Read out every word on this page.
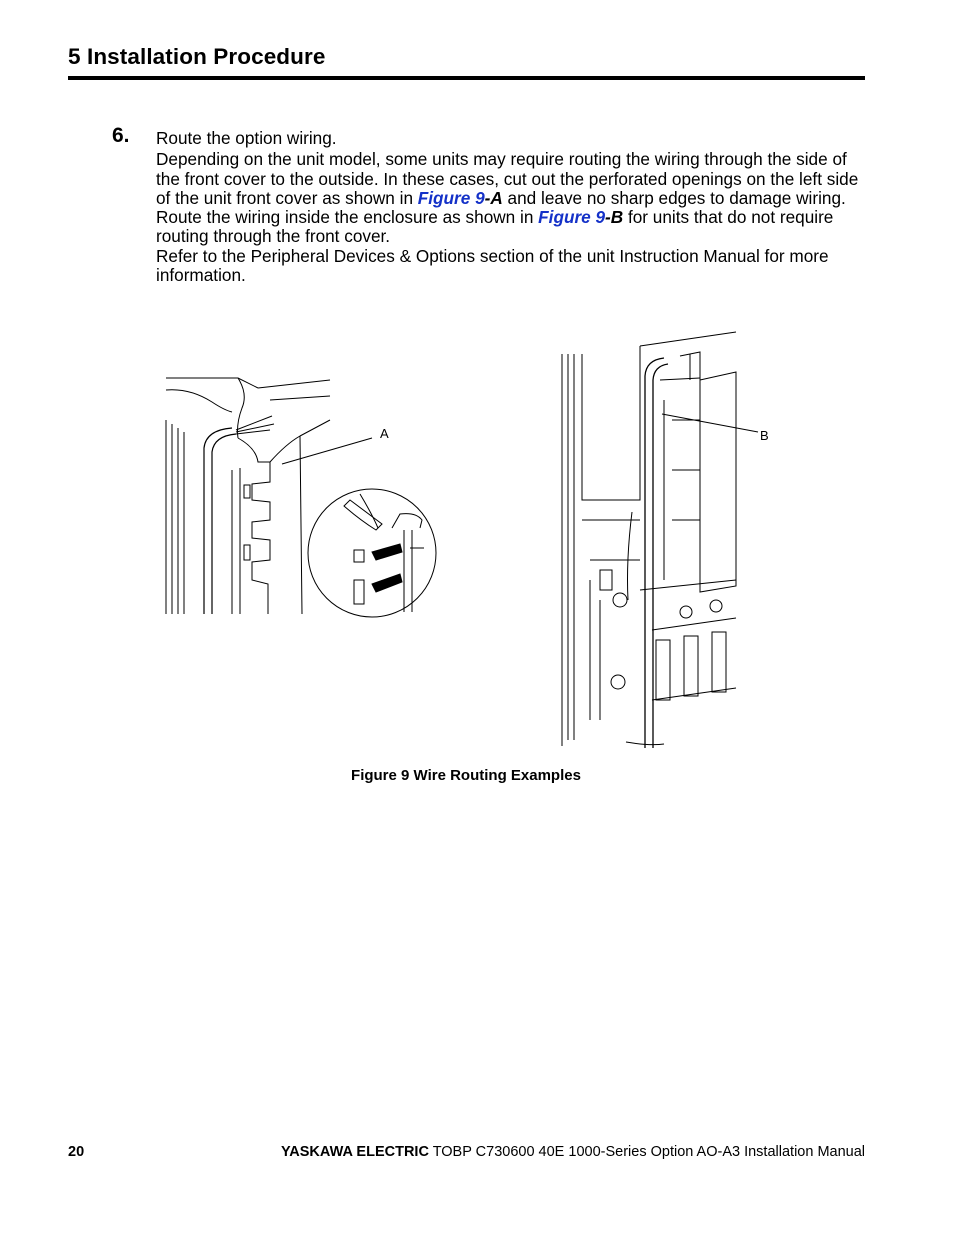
5 Installation Procedure
6. Route the option wiring.

Depending on the unit model, some units may require routing the wiring through the side of the front cover to the outside. In these cases, cut out the perforated openings on the left side of the unit front cover as shown in Figure 9-A and leave no sharp edges to damage wiring.

Route the wiring inside the enclosure as shown in Figure 9-B for units that do not require routing through the front cover.

Refer to the Peripheral Devices & Options section of the unit Instruction Manual for more information.

A	B
Figure 9 Wire Routing Examples
20	YASKAWA ELECTRIC TOBP C730600 40E 1000-Series Option AO-A3 Installation Manual
